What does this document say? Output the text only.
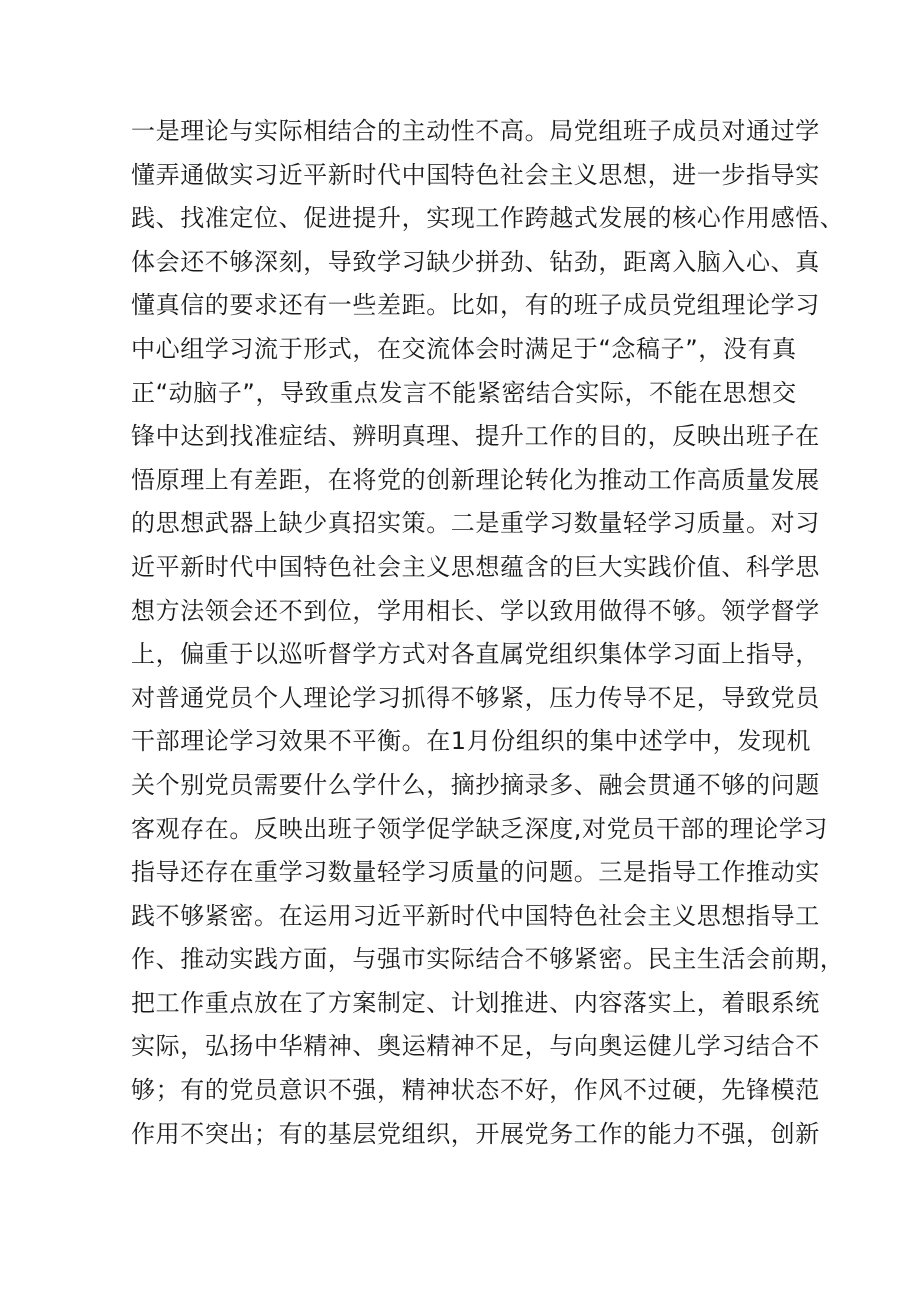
一是理论与实际相结合的主动性不高。局党组班子成员对通过学
懂弄通做实习近平新时代中国特色社会主义思想，进一步指导实
践、找准定位、促进提升，实现工作跨越式发展的核心作用感悟、
体会还不够深刻，导致学习缺少拼劲、钻劲，距离入脑入心、真
懂真信的要求还有一些差距。比如，有的班子成员党组理论学习
中心组学习流于形式，在交流体会时满足于“念稿子”，没有真
正“动脑子”，导致重点发言不能紧密结合实际，不能在思想交
锋中达到找准症结、辨明真理、提升工作的目的，反映出班子在
悟原理上有差距，在将党的创新理论转化为推动工作高质量发展
的思想武器上缺少真招实策。二是重学习数量轻学习质量。对习
近平新时代中国特色社会主义思想蕴含的巨大实践价值、科学思
想方法领会还不到位，学用相长、学以致用做得不够。领学督学
上，偏重于以巡听督学方式对各直属党组织集体学习面上指导，
对普通党员个人理论学习抓得不够紧，压力传导不足，导致党员
干部理论学习效果不平衡。在1月份组织的集中述学中，发现机
关个别党员需要什么学什么，摘抄摘录多、融会贯通不够的问题
客观存在。反映出班子领学促学缺乏深度,对党员干部的理论学习
指导还存在重学习数量轻学习质量的问题。三是指导工作推动实
践不够紧密。在运用习近平新时代中国特色社会主义思想指导工
作、推动实践方面，与强市实际结合不够紧密。民主生活会前期，
把工作重点放在了方案制定、计划推进、内容落实上，着眼系统
实际，弘扬中华精神、奥运精神不足，与向奥运健儿学习结合不
够；有的党员意识不强，精神状态不好，作风不过硬，先锋模范
作用不突出；有的基层党组织，开展党务工作的能力不强，创新
